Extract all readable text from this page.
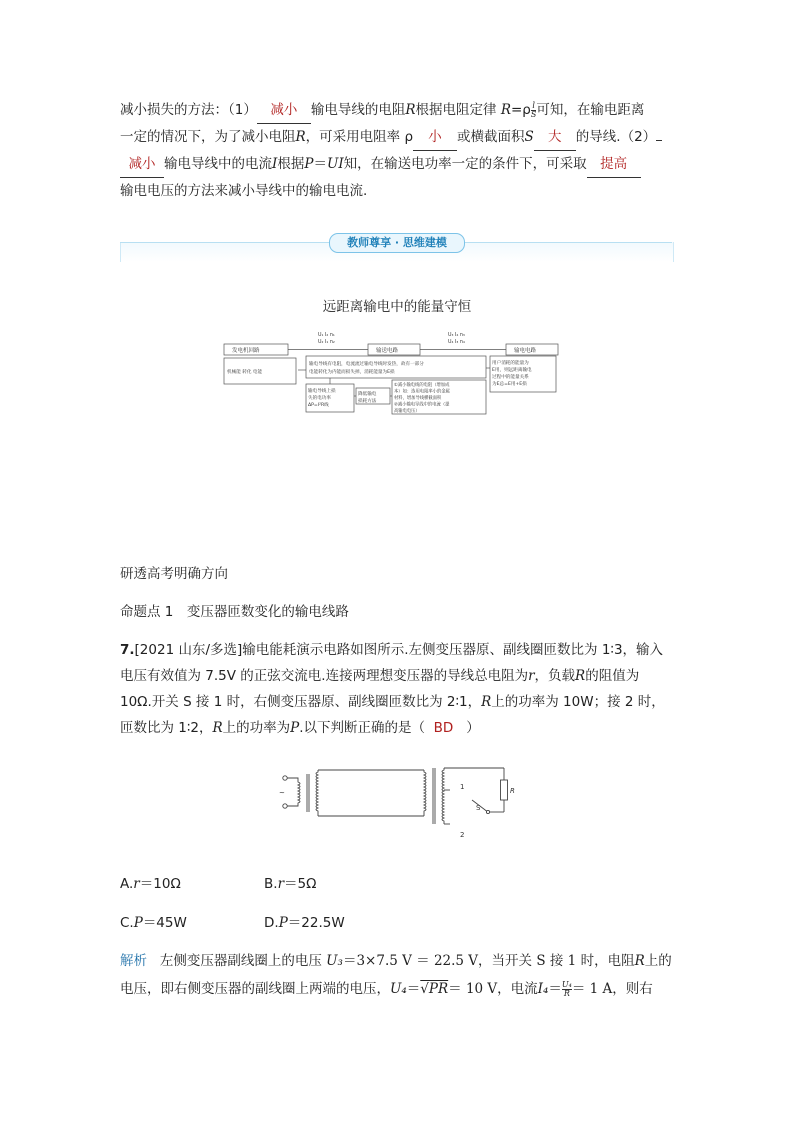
减小损失的方法：（1） 减小 输电导线的电阻R根据电阻定律 $R=\rho \frac{l}{S}$ 可知，在输电距离
一定的情况下，为了减小电阻R，可采用电阻率 ρ 小 或横截面积S 大 的导线.（2）
减小 输电导线中的电流I根据P＝UI知，在输送电功率一定的条件下，可采取 提高
输电电压的方法来减小导线中的输电电流.
教师尊享 · 思维建模
远距离输电中的能量守恒
发电机回路	输送电路	输电电路
U₁ I₂ n₁
U₂ I₁ n₂
U₃ I₄ n₃
U₄ I₃ n₄
机械能 转化 电能
输电导线有电阻，电流流过输电导线时发热，故有一部分
电能转化为内能而损失掉，消耗能量为E损
用户消耗的能量为
E用，则远距离输电
过程中的能量关系
为E总=E用+E损
输电导线上损
失的电功率
ΔP=I²R线
降低输电
损耗方法
①减小输电线的电阻（增加成
本）如：选用电阻率小的金属
材料，增加导线横截面积
②减小输电导线中的电流（提
高输电电压）
研透高考明确方向
命题点 1　变压器匝数变化的输电线路
7.[2021 山东/多选]输电能耗演示电路如图所示.左侧变压器原、副线圈匝数比为 1∶3，输入
电压有效值为 7.5V 的正弦交流电.连接两理想变压器的导线总电阻为r，负载R的阻值为
10Ω.开关 S 接 1 时，右侧变压器原、副线圈匝数比为 2∶1，R上的功率为 10W；接 2 时，
匝数比为 1∶2，R上的功率为P.以下判断正确的是（ BD ）
~
1
2
S
R
A.r＝10Ω	B.r＝5Ω
C.P＝45W	D.P＝22.5W
解析 左侧变压器副线圈上的电压 U₃＝3×7.5 V ＝ 22.5 V，当开关 S 接 1 时，电阻R上的
电压，即右侧变压器的副线圈上两端的电压，U₄＝√PR＝ 10 V，电流$I_4= \frac{\text{U₄}}{R} = 1$ A，则右
